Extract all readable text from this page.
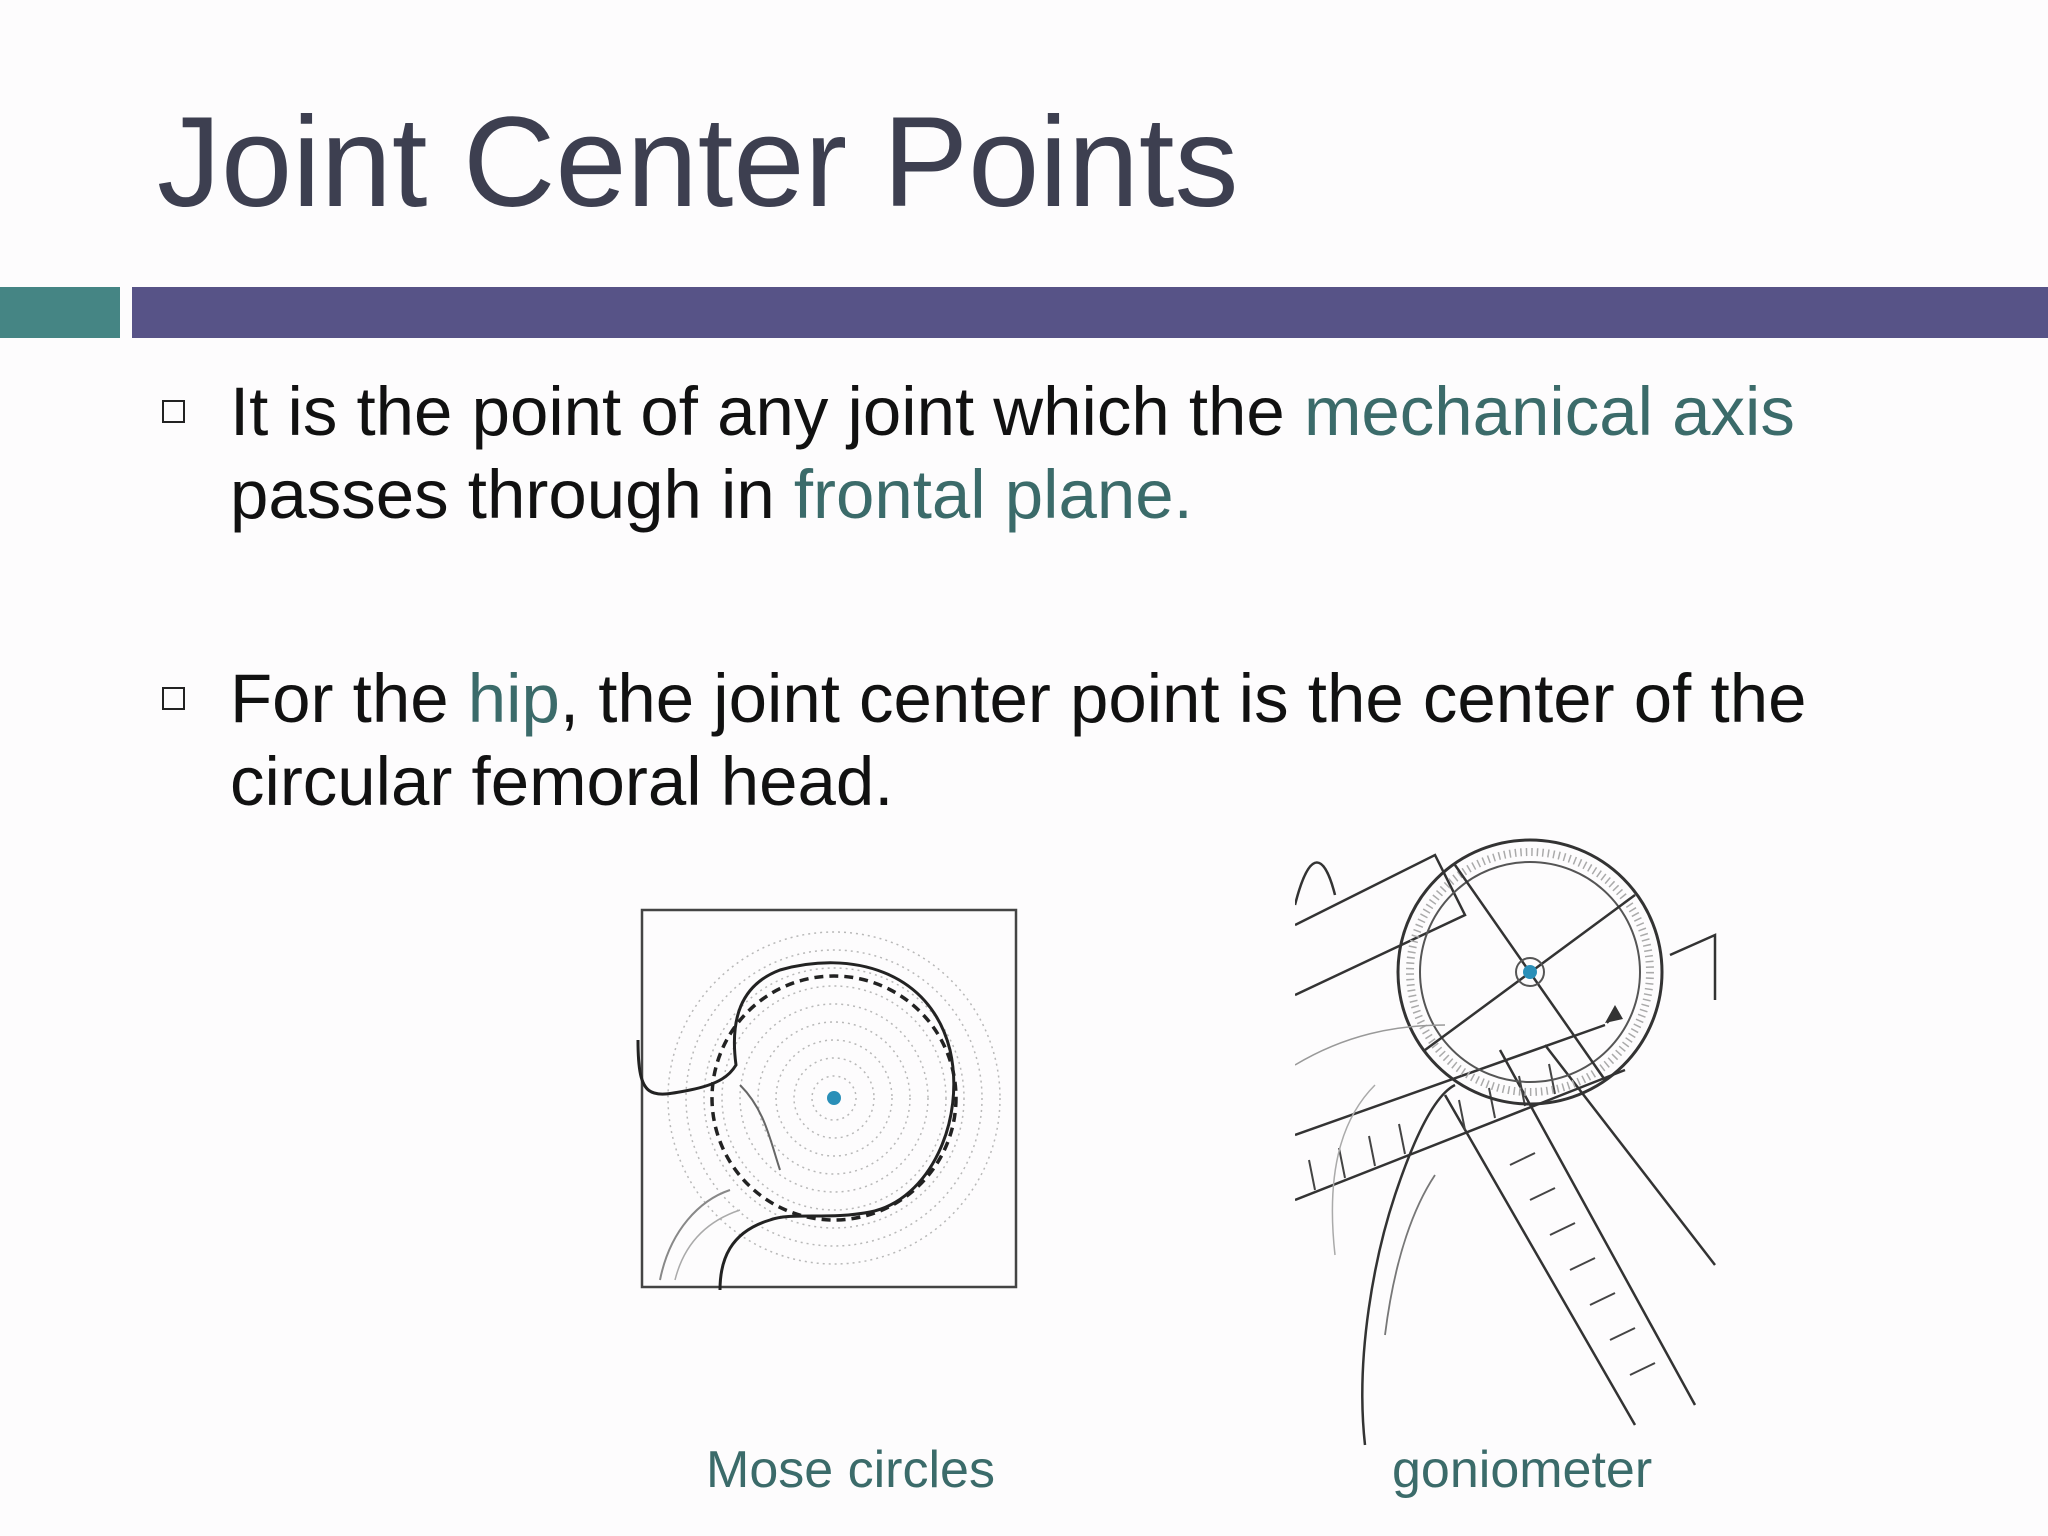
Joint Center Points
It is the point of any joint which the mechanical axis
passes through in frontal plane.
For the hip, the joint center point is the center of the circular femoral head.
Mose circles	goniometer
